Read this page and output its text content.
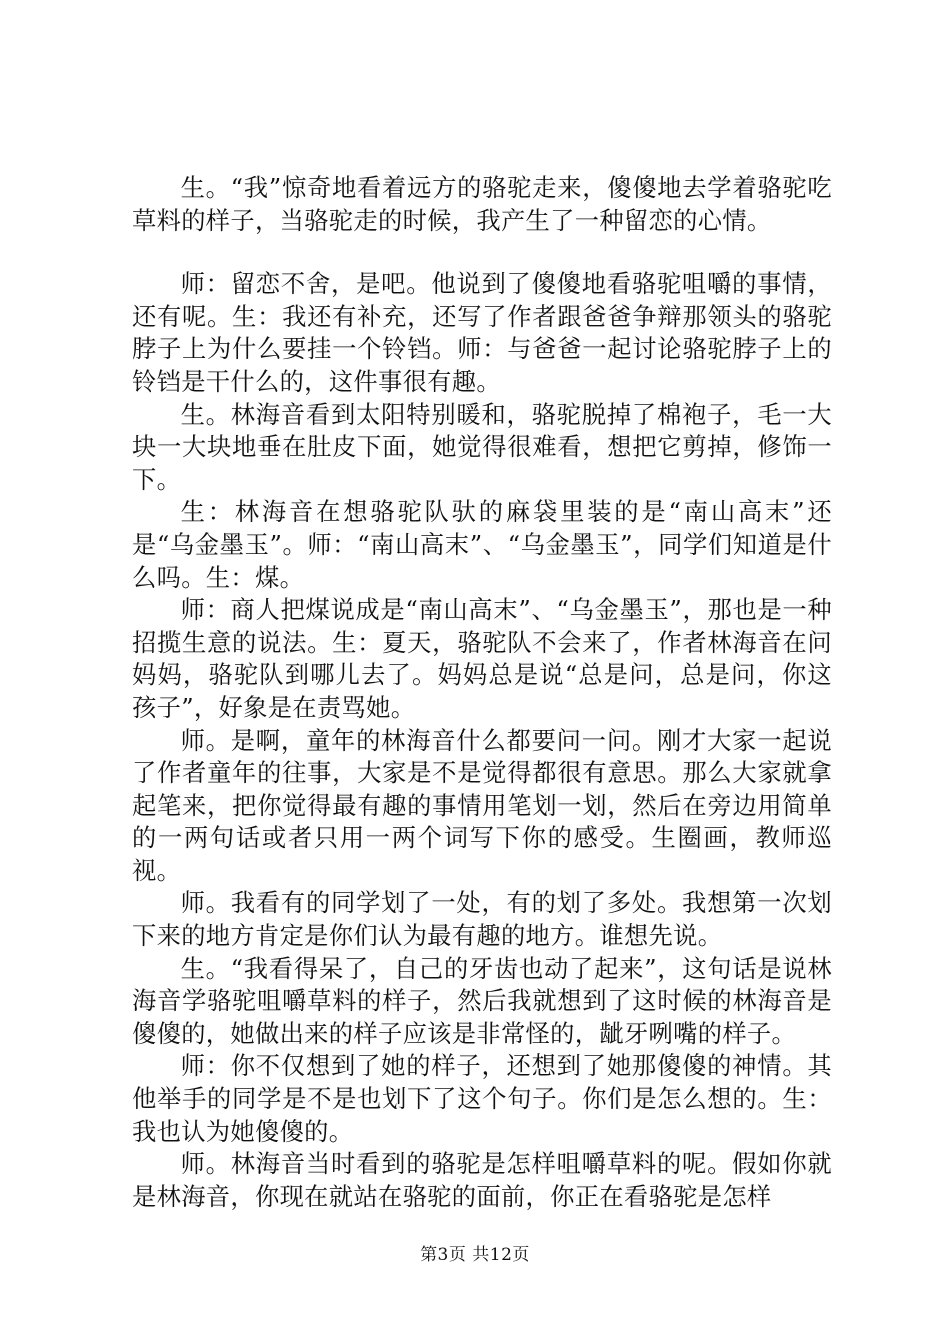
生。“我”惊奇地看着远方的骆驼走来，傻傻地去学着骆驼吃草料的样子，当骆驼走的时候，我产生了一种留恋的心情。

师：留恋不舍，是吧。他说到了傻傻地看骆驼咀嚼的事情，还有呢。生：我还有补充，还写了作者跟爸爸争辩那领头的骆驼脖子上为什么要挂一个铃铛。师：与爸爸一起讨论骆驼脖子上的铃铛是干什么的，这件事很有趣。

生。林海音看到太阳特别暖和，骆驼脱掉了棉袍子，毛一大块一大块地垂在肚皮下面，她觉得很难看，想把它剪掉，修饰一下。

生：林海音在想骆驼队驮的麻袋里装的是“南山高末”还是“乌金墨玉”。师：“南山高末”、“乌金墨玉”，同学们知道是什么吗。生：煤。

师：商人把煤说成是“南山高末”、“乌金墨玉”，那也是一种招揽生意的说法。生：夏天，骆驼队不会来了，作者林海音在问妈妈，骆驼队到哪儿去了。妈妈总是说“总是问，总是问，你这孩子”，好象是在责骂她。

师。是啊，童年的林海音什么都要问一问。刚才大家一起说了作者童年的往事，大家是不是觉得都很有意思。那么大家就拿起笔来，把你觉得最有趣的事情用笔划一划，然后在旁边用简单的一两句话或者只用一两个词写下你的感受。生圈画，教师巡视。

师。我看有的同学划了一处，有的划了多处。我想第一次划下来的地方肯定是你们认为最有趣的地方。谁想先说。

生。“我看得呆了，自己的牙齿也动了起来”，这句话是说林海音学骆驼咀嚼草料的样子，然后我就想到了这时候的林海音是傻傻的，她做出来的样子应该是非常怪的，龇牙咧嘴的样子。

师：你不仅想到了她的样子，还想到了她那傻傻的神情。其他举手的同学是不是也划下了这个句子。你们是怎么想的。生：我也认为她傻傻的。

师。林海音当时看到的骆驼是怎样咀嚼草料的呢。假如你就是林海音，你现在就站在骆驼的面前，你正在看骆驼是怎样

第3页 共12页
